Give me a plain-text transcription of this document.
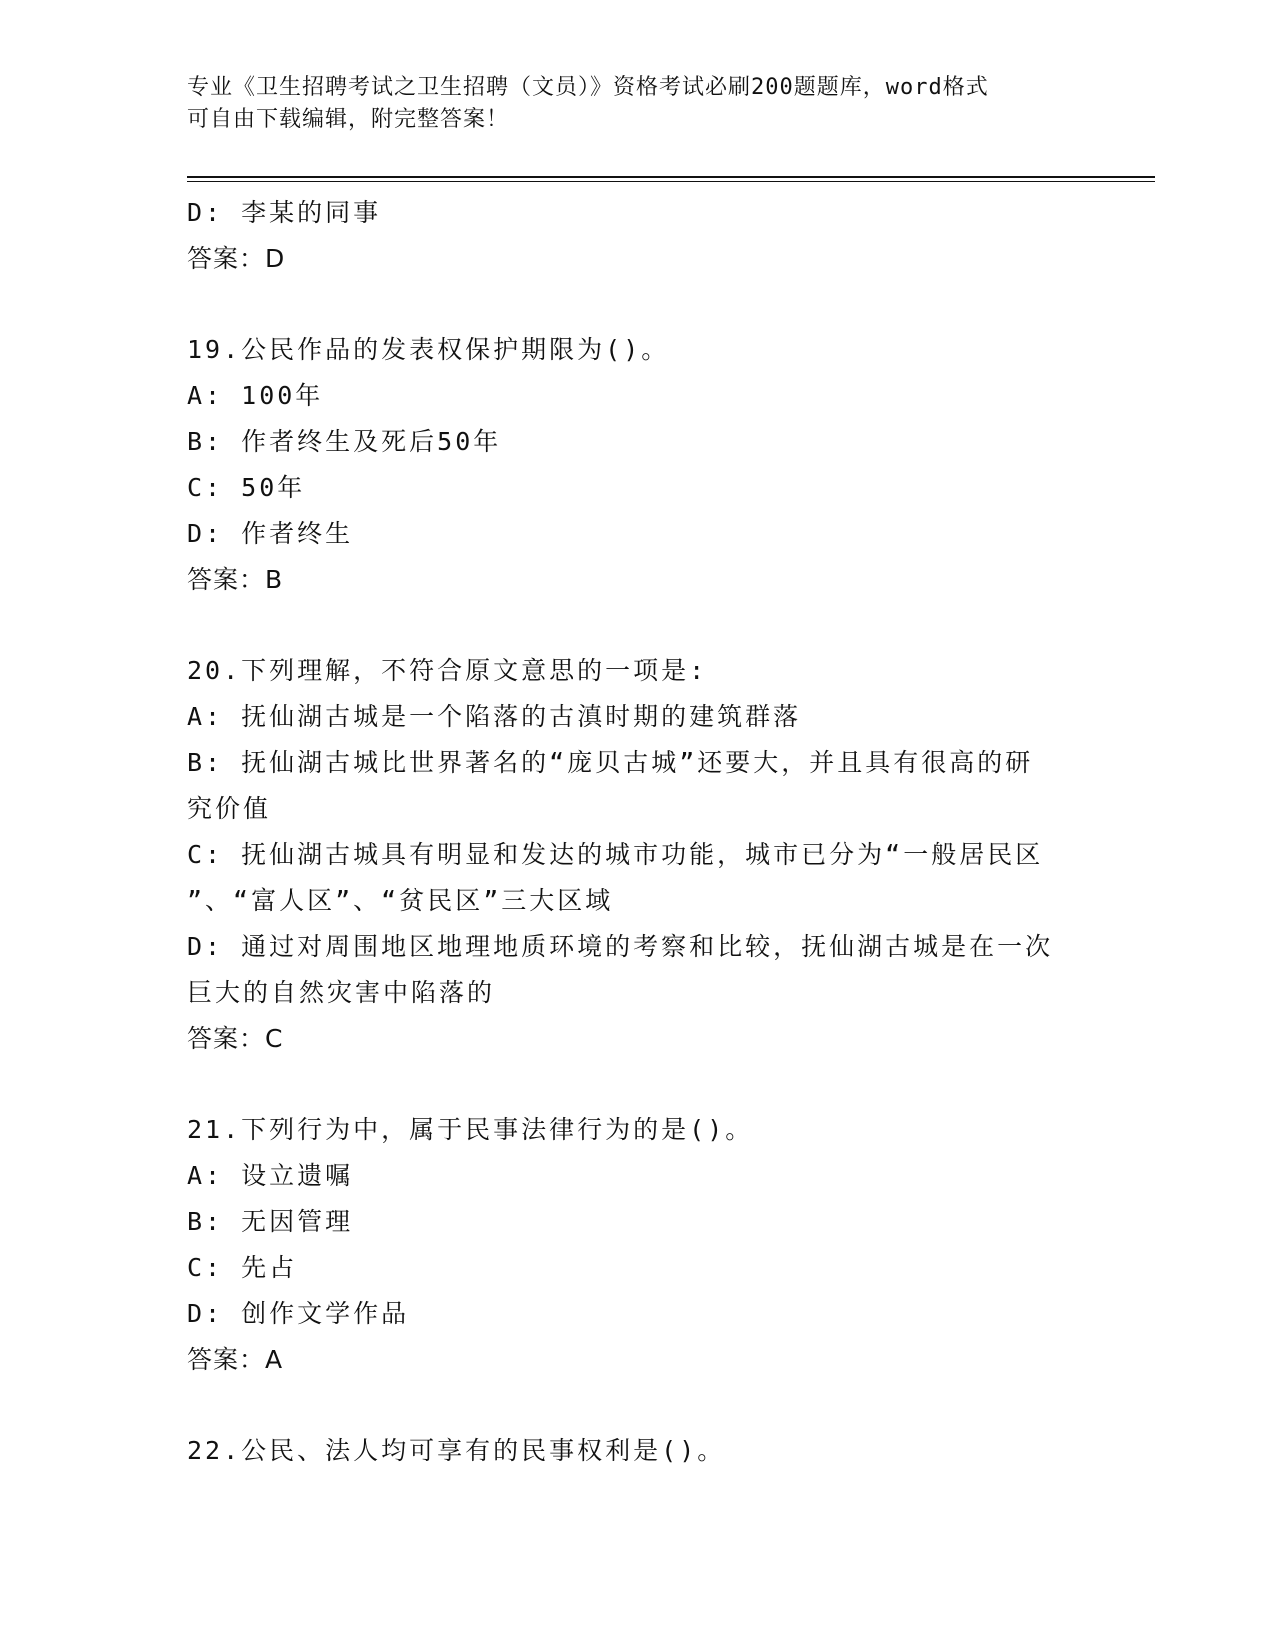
专业《卫生招聘考试之卫生招聘（文员）》资格考试必刷200题题库，word格式
可自由下载编辑，附完整答案！
D: 李某的同事
答案：D
19.公民作品的发表权保护期限为()。
A: 100年
B: 作者终生及死后50年
C: 50年
D: 作者终生
答案：B
20.下列理解，不符合原文意思的一项是:
A: 抚仙湖古城是一个陷落的古滇时期的建筑群落
B: 抚仙湖古城比世界著名的“庞贝古城”还要大，并且具有很高的研
究价值
C: 抚仙湖古城具有明显和发达的城市功能，城市已分为“一般居民区
”、“富人区”、“贫民区”三大区域
D: 通过对周围地区地理地质环境的考察和比较，抚仙湖古城是在一次
巨大的自然灾害中陷落的
答案：C
21.下列行为中，属于民事法律行为的是()。
A: 设立遗嘱
B: 无因管理
C: 先占
D: 创作文学作品
答案：A
22.公民、法人均可享有的民事权利是()。
